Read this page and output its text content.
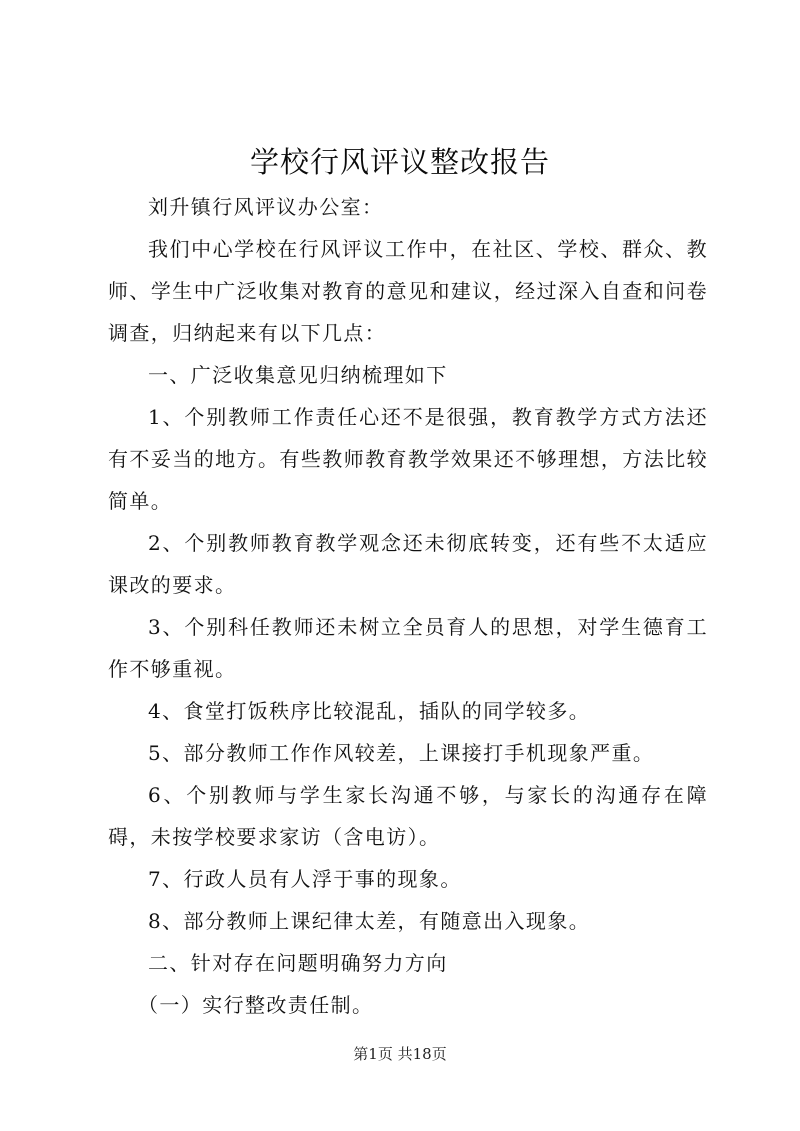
学校行风评议整改报告

刘升镇行风评议办公室：

我们中心学校在行风评议工作中，在社区、学校、群众、教师、学生中广泛收集对教育的意见和建议，经过深入自查和问卷调查，归纳起来有以下几点：

一、广泛收集意见归纳梳理如下

1、个别教师工作责任心还不是很强，教育教学方式方法还有不妥当的地方。有些教师教育教学效果还不够理想，方法比较简单。

2、个别教师教育教学观念还未彻底转变，还有些不太适应课改的要求。

3、个别科任教师还未树立全员育人的思想，对学生德育工作不够重视。

4、食堂打饭秩序比较混乱，插队的同学较多。

5、部分教师工作作风较差，上课接打手机现象严重。

6、个别教师与学生家长沟通不够，与家长的沟通存在障碍，未按学校要求家访（含电访）。

7、行政人员有人浮于事的现象。

8、部分教师上课纪律太差，有随意出入现象。

二、针对存在问题明确努力方向

（一）实行整改责任制。

第1页 共18页
